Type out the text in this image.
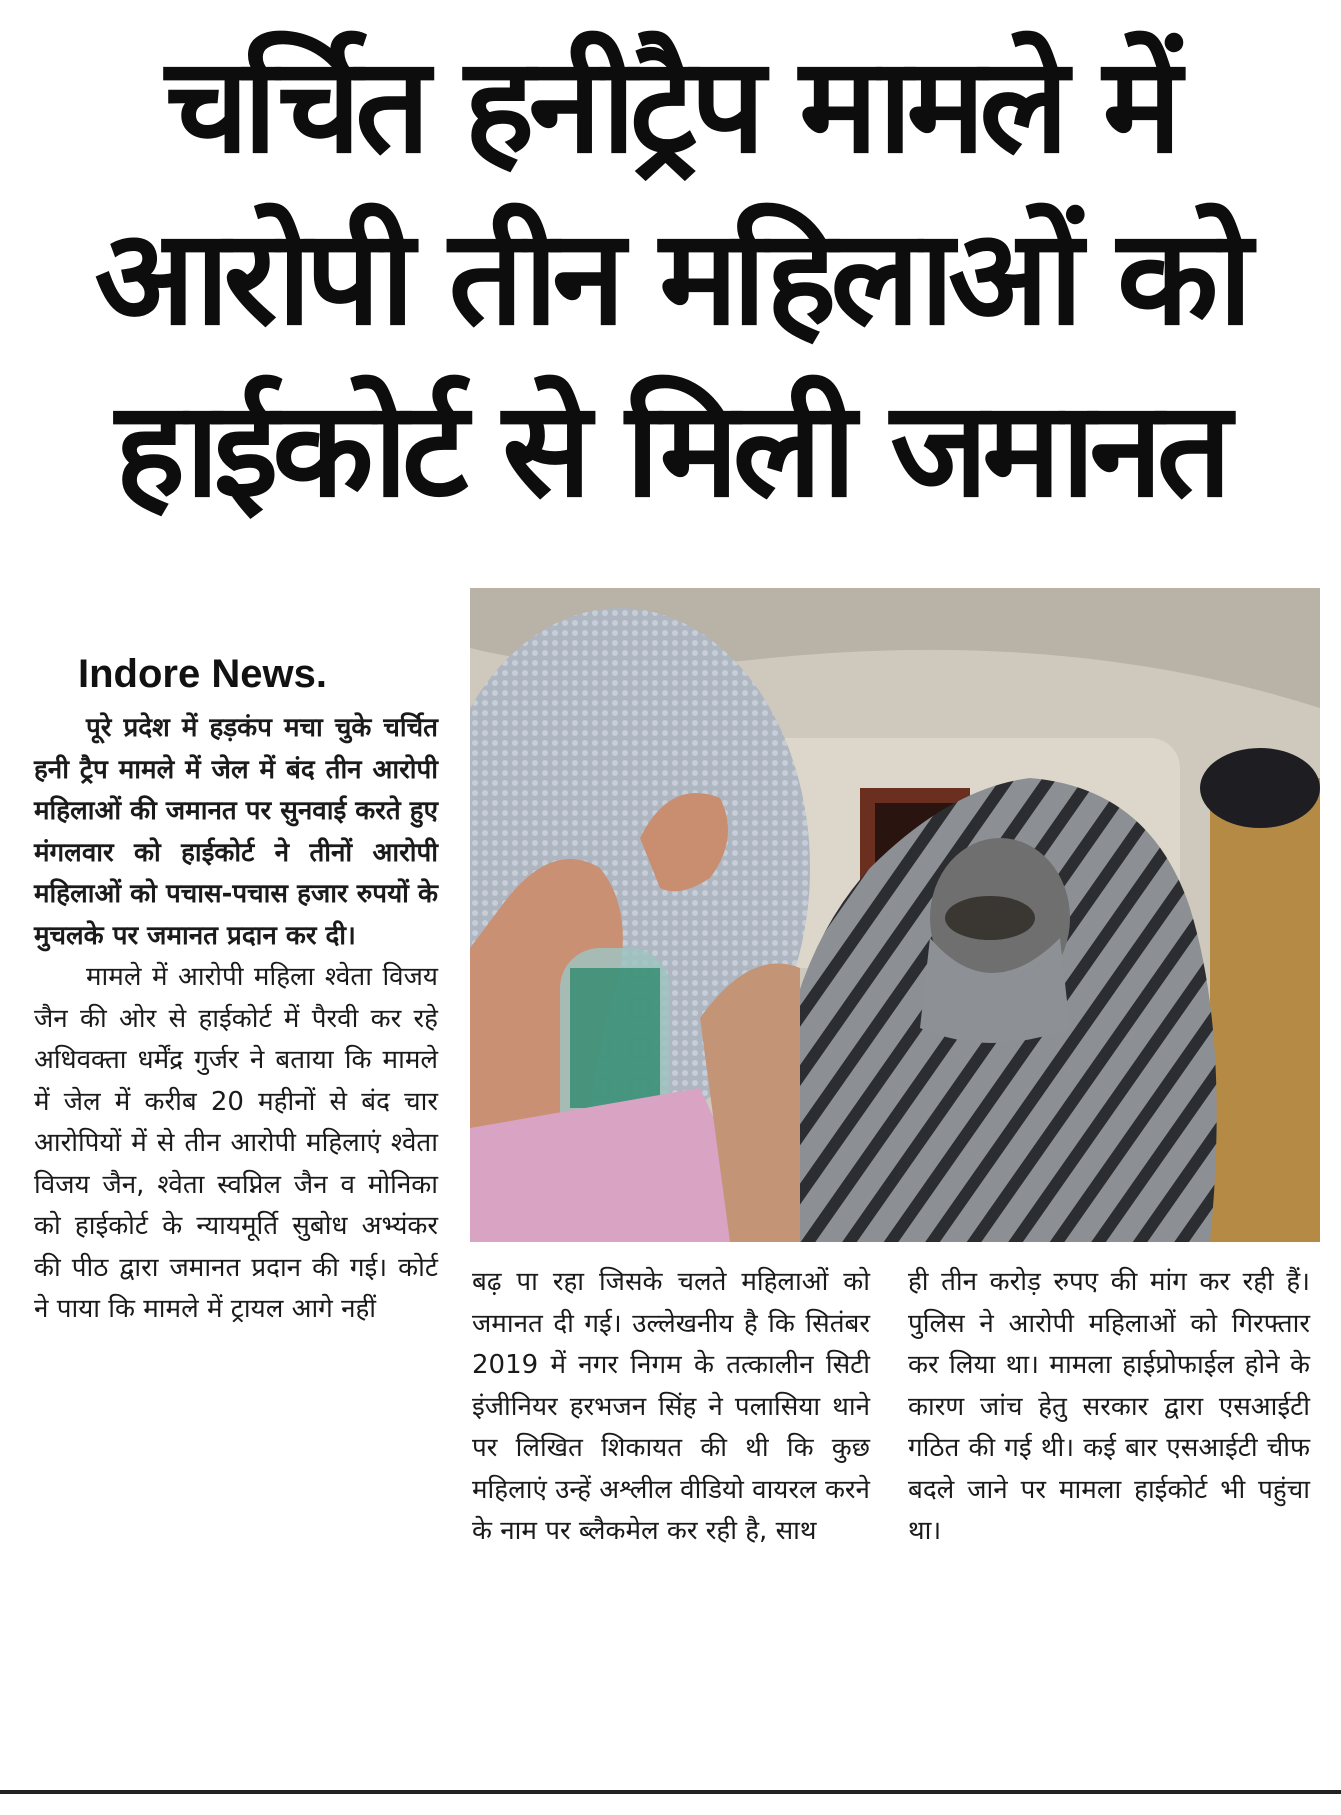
चर्चित हनीट्रैप मामले में
आरोपी तीन महिलाओं को
हाईकोर्ट से मिली जमानत
Indore News.

पूरे प्रदेश में हड़कंप मचा चुके चर्चित हनी ट्रैप मामले में जेल में बंद तीन आरोपी महिलाओं की जमानत पर सुनवाई करते हुए मंगलवार को हाईकोर्ट ने तीनों आरोपी महिलाओं को पचास-पचास हजार रुपयों के मुचलके पर जमानत प्रदान कर दी।

मामले में आरोपी महिला श्वेता विजय जैन की ओर से हाईकोर्ट में पैरवी कर रहे अधिवक्ता धर्मेंद्र गुर्जर ने बताया कि मामले में जेल में करीब 20 महीनों से बंद चार आरोपियों में से तीन आरोपी महिलाएं श्वेता विजय जैन, श्वेता स्वप्निल जैन व मोनिका को हाईकोर्ट के न्यायमूर्ति सुबोध अभ्यंकर की पीठ द्वारा जमानत प्रदान की गई। कोर्ट ने पाया कि मामले में ट्रायल आगे नहीं

बढ़ पा रहा जिसके चलते महिलाओं को जमानत दी गई। उल्लेखनीय है कि सितंबर 2019 में नगर निगम के तत्कालीन सिटी इंजीनियर हरभजन सिंह ने पलासिया थाने पर लिखित शिकायत की थी कि कुछ महिलाएं उन्हें अश्लील वीडियो वायरल करने के नाम पर ब्लैकमेल कर रही है, साथ

ही तीन करोड़ रुपए की मांग कर रही हैं। पुलिस ने आरोपी महिलाओं को गिरफ्तार कर लिया था। मामला हाईप्रोफाईल होने के कारण जांच हेतु सरकार द्वारा एसआईटी गठित की गई थी। कई बार एसआईटी चीफ बदले जाने पर मामला हाईकोर्ट भी पहुंचा था।
